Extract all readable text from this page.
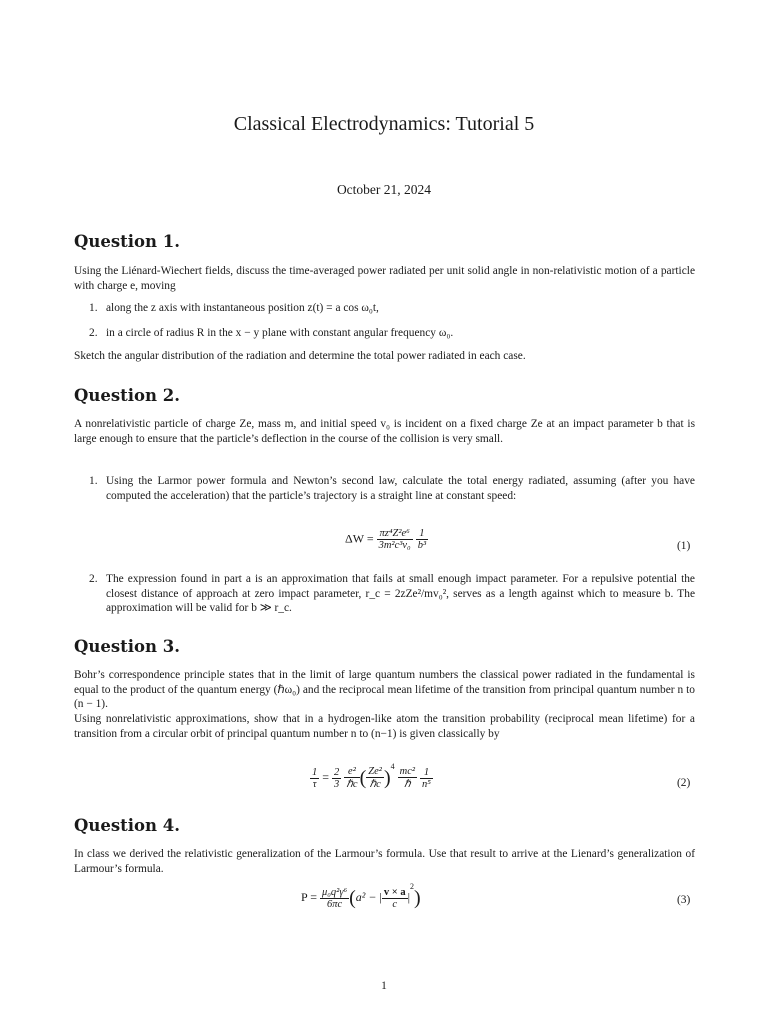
Classical Electrodynamics: Tutorial 5
October 21, 2024
Question 1.
Using the Liénard-Wiechert fields, discuss the time-averaged power radiated per unit solid angle in non-relativistic motion of a particle with charge e, moving
1. along the z axis with instantaneous position z(t) = a cos ω₀t,
2. in a circle of radius R in the x − y plane with constant angular frequency ω₀.
Sketch the angular distribution of the radiation and determine the total power radiated in each case.
Question 2.
A nonrelativistic particle of charge Ze, mass m, and initial speed v₀ is incident on a fixed charge Ze at an impact parameter b that is large enough to ensure that the particle’s deflection in the course of the collision is very small.
1. Using the Larmor power formula and Newton’s second law, calculate the total energy radiated, assuming (after you have computed the acceleration) that the particle’s trajectory is a straight line at constant speed:
$\Delta W = \frac{\text{πz⁴Z²e⁶}}{\text{3m²c³v₀}}$
$\frac{1}{\text{b³}}$	(1)
2. The expression found in part a is an approximation that fails at small enough impact parameter. For a repulsive potential the closest distance of approach at zero impact parameter, r_c = 2zZe²/mv₀², serves as a length against which to measure b. The approximation will be valid for b ≫ r_c.
Question 3.
Bohr’s correspondence principle states that in the limit of large quantum numbers the classical power radiated in the fundamental is equal to the product of the quantum energy (ℏω₀) and the reciprocal mean lifetime of the transition from principal quantum number n to (n − 1).
Using nonrelativistic approximations, show that in a hydrogen-like atom the transition probability (reciprocal mean lifetime) for a transition from a circular orbit of principal quantum number n to (n−1) is given classically by
$\frac{1}{\tau} = \frac{2}{3}$
$\frac{\text{e²}}{\text{ℏc}}$ ( $\frac{\text{Ze²}}{\text{ℏc}} )^4 \frac{\text{mc²}}{\text{ℏ}}$
$\frac{1}{\text{n⁵}}$	(2)
Question 4.
In class we derived the relativistic generalization of the Larmour’s formula. Use that result to arrive at the Lienard’s generalization of Larmour’s formula.
$P = \frac{\text{μ₀q²γ⁶}}{6\pi c} (a^2$ − | $\frac{v \times a}{c} |^2$)	(3)
1
